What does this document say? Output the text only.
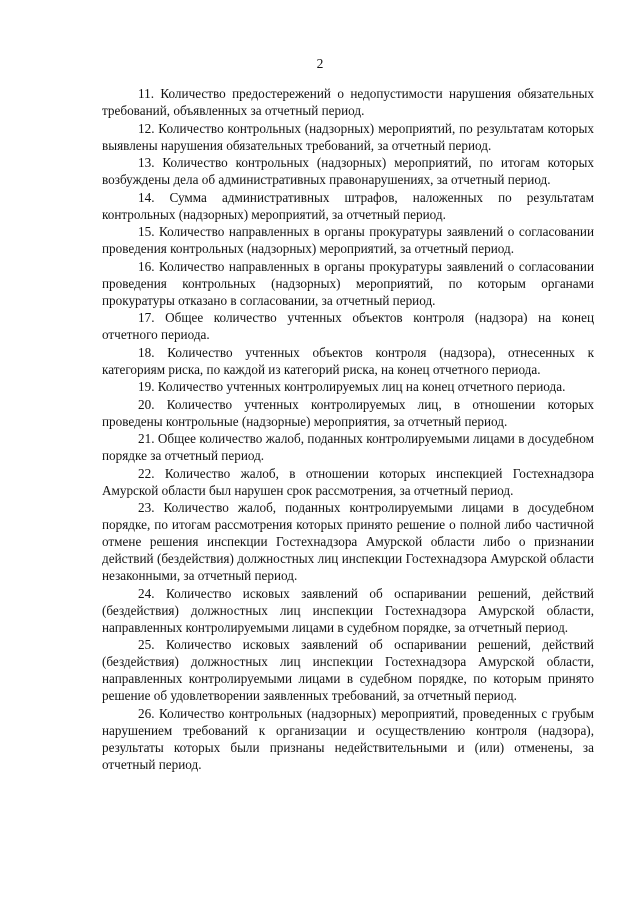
2

11. Количество предостережений о недопустимости нарушения обязательных требований, объявленных за отчетный период.

12. Количество контрольных (надзорных) мероприятий, по результатам которых выявлены нарушения обязательных требований, за отчетный период.

13. Количество контрольных (надзорных) мероприятий, по итогам которых возбуждены дела об административных правонарушениях, за отчетный период.

14. Сумма административных штрафов, наложенных по результатам контрольных (надзорных) мероприятий, за отчетный период.

15. Количество направленных в органы прокуратуры заявлений о согласовании проведения контрольных (надзорных) мероприятий, за отчетный период.

16. Количество направленных в органы прокуратуры заявлений о согласовании проведения контрольных (надзорных) мероприятий, по которым органами прокуратуры отказано в согласовании, за отчетный период.

17. Общее количество учтенных объектов контроля (надзора) на конец отчетного периода.

18. Количество учтенных объектов контроля (надзора), отнесенных к категориям риска, по каждой из категорий риска, на конец отчетного периода.

19. Количество учтенных контролируемых лиц на конец отчетного периода.

20. Количество учтенных контролируемых лиц, в отношении которых проведены контрольные (надзорные) мероприятия, за отчетный период.

21. Общее количество жалоб, поданных контролируемыми лицами в досудебном порядке за отчетный период.

22. Количество жалоб, в отношении которых инспекцией Гостехнадзора Амурской области был нарушен срок рассмотрения, за отчетный период.

23. Количество жалоб, поданных контролируемыми лицами в досудебном порядке, по итогам рассмотрения которых принято решение о полной либо частичной отмене решения инспекции Гостехнадзора Амурской области либо о признании действий (бездействия) должностных лиц инспекции Гостехнадзора Амурской области незаконными, за отчетный период.

24. Количество исковых заявлений об оспаривании решений, действий (бездействия) должностных лиц инспекции Гостехнадзора Амурской области, направленных контролируемыми лицами в судебном порядке, за отчетный период.

25. Количество исковых заявлений об оспаривании решений, действий (бездействия) должностных лиц инспекции Гостехнадзора Амурской области, направленных контролируемыми лицами в судебном порядке, по которым принято решение об удовлетворении заявленных требований, за отчетный период.

26. Количество контрольных (надзорных) мероприятий, проведенных с грубым нарушением требований к организации и осуществлению контроля (надзора), результаты которых были признаны недействительными и (или) отменены, за отчетный период.
